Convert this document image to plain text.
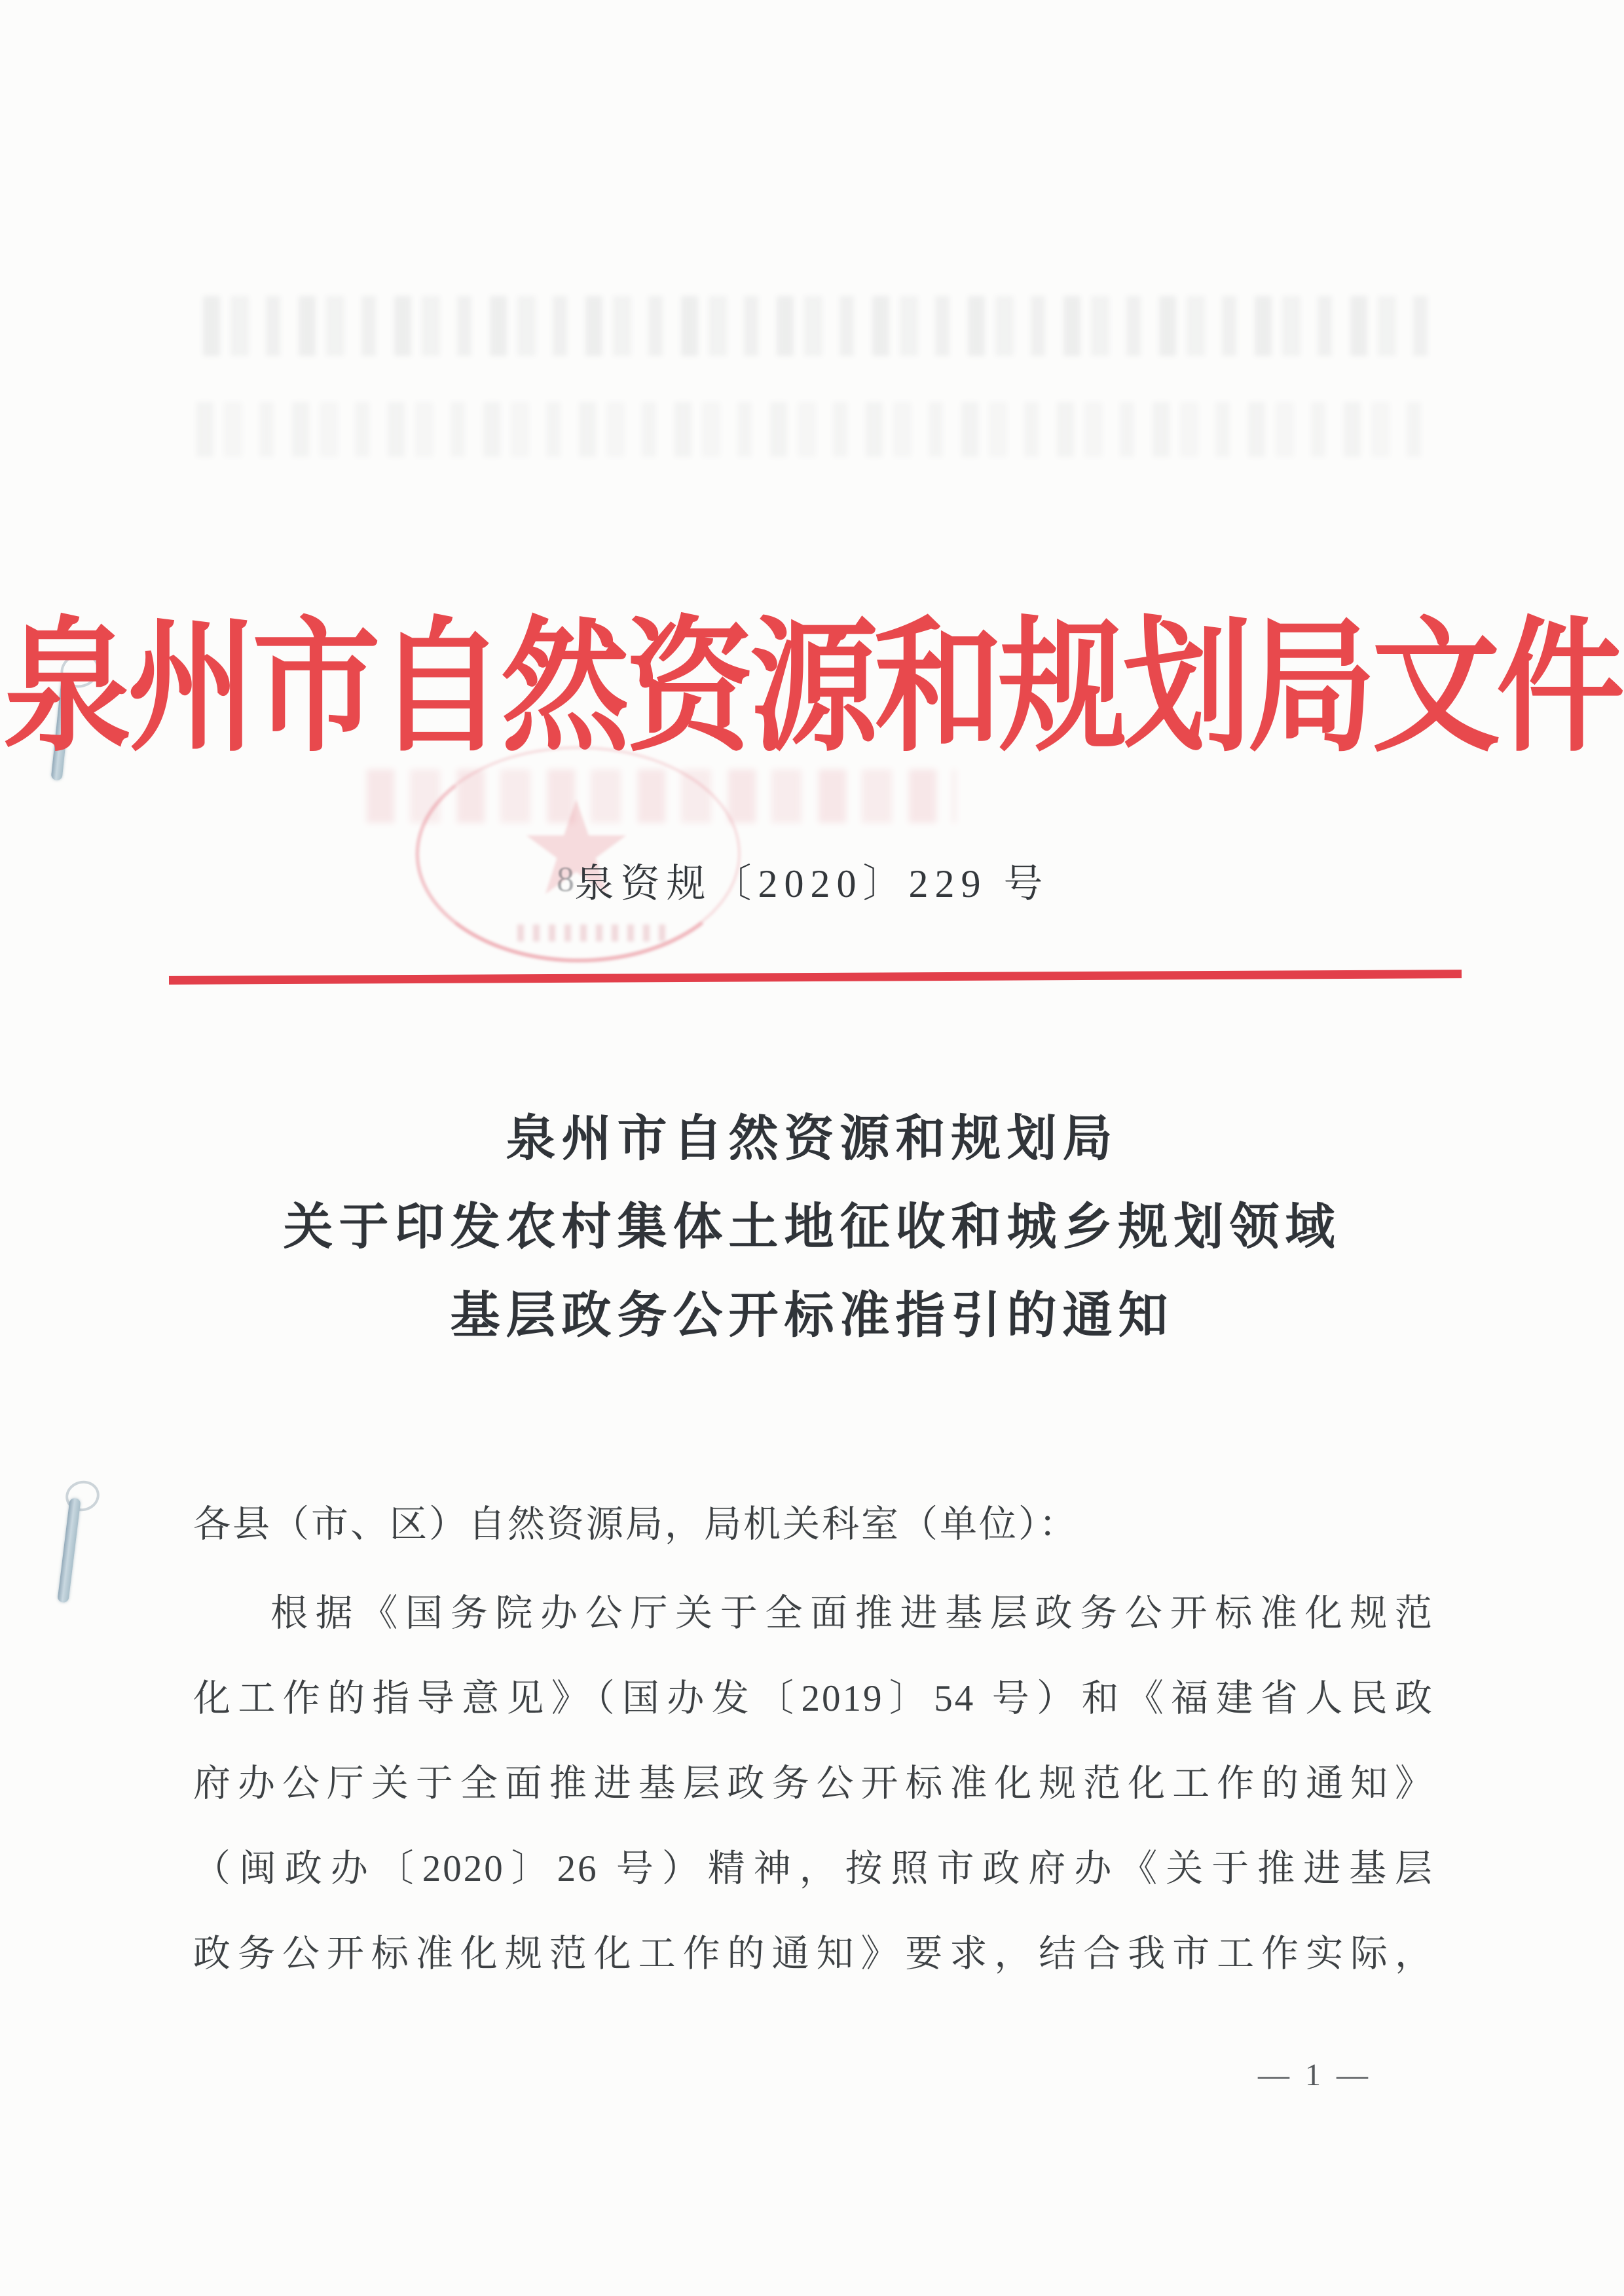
泉州市自然资源和规划局文件
8 泉资规〔2020〕229 号
泉州市自然资源和规划局
关于印发农村集体土地征收和城乡规划领域
基层政务公开标准指引的通知
各县（市、区）自然资源局，局机关科室（单位）：
根据《国务院办公厅关于全面推进基层政务公开标准化规范
化工作的指导意见》（国办发〔2019〕54 号）和《福建省人民政
府办公厅关于全面推进基层政务公开标准化规范化工作的通知》
（闽政办〔2020〕26 号）精神，按照市政府办《关于推进基层
政务公开标准化规范化工作的通知》要求，结合我市工作实际，
— 1 —
